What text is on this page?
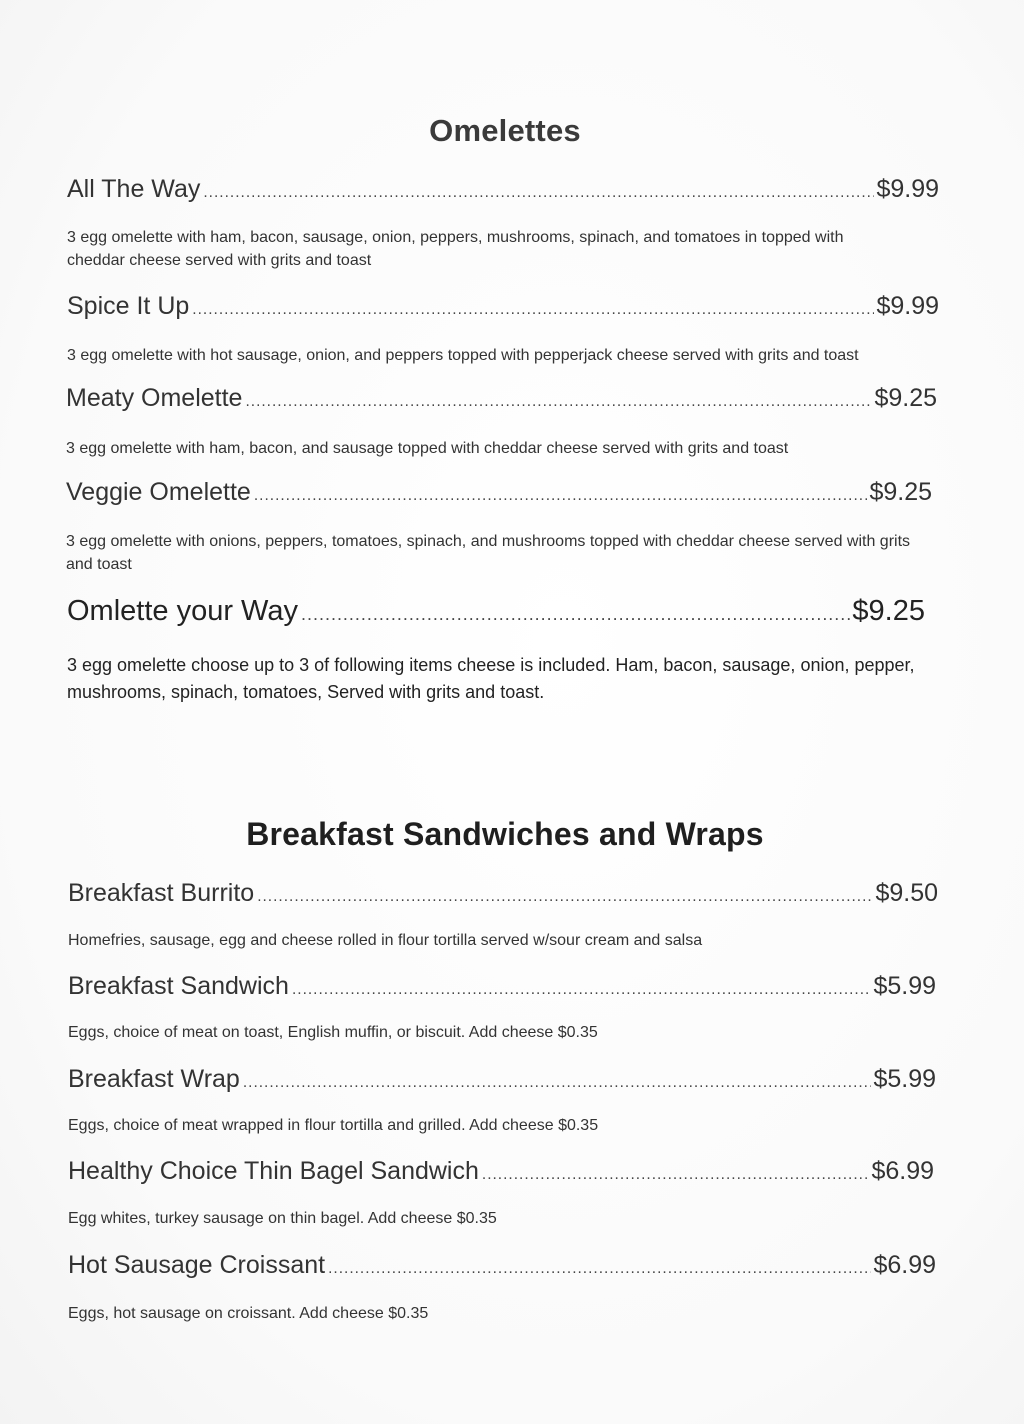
Omelettes
All The Way .....	$9.99
3 egg omelette with ham, bacon, sausage, onion, peppers, mushrooms, spinach, and tomatoes in topped with cheddar cheese served with grits and toast
Spice It Up .....	$9.99
3 egg omelette with hot sausage, onion, and peppers topped with pepperjack cheese served with grits and toast
Meaty Omelette .....	$9.25
3 egg omelette with ham, bacon, and sausage topped with cheddar cheese served with grits and toast
Veggie Omelette .....	$9.25
3 egg omelette with onions, peppers, tomatoes, spinach, and mushrooms topped with cheddar cheese served with grits and toast
Omlette your Way .....	$9.25
3 egg omelette choose up to 3 of following items cheese is included. Ham, bacon, sausage, onion, pepper, mushrooms, spinach, tomatoes, Served with grits and toast.
Breakfast Sandwiches and Wraps
Breakfast Burrito .....	$9.50
Homefries, sausage, egg and cheese rolled in flour tortilla served w/sour cream and salsa
Breakfast Sandwich .....	$5.99
Eggs, choice of meat on toast, English muffin, or biscuit. Add cheese $0.35
Breakfast Wrap .....	$5.99
Eggs, choice of meat wrapped in flour tortilla and grilled. Add cheese $0.35
Healthy Choice Thin Bagel Sandwich .....	$6.99
Egg whites, turkey sausage on thin bagel. Add cheese $0.35
Hot Sausage Croissant .....	$6.99
Eggs, hot sausage on croissant. Add cheese $0.35
